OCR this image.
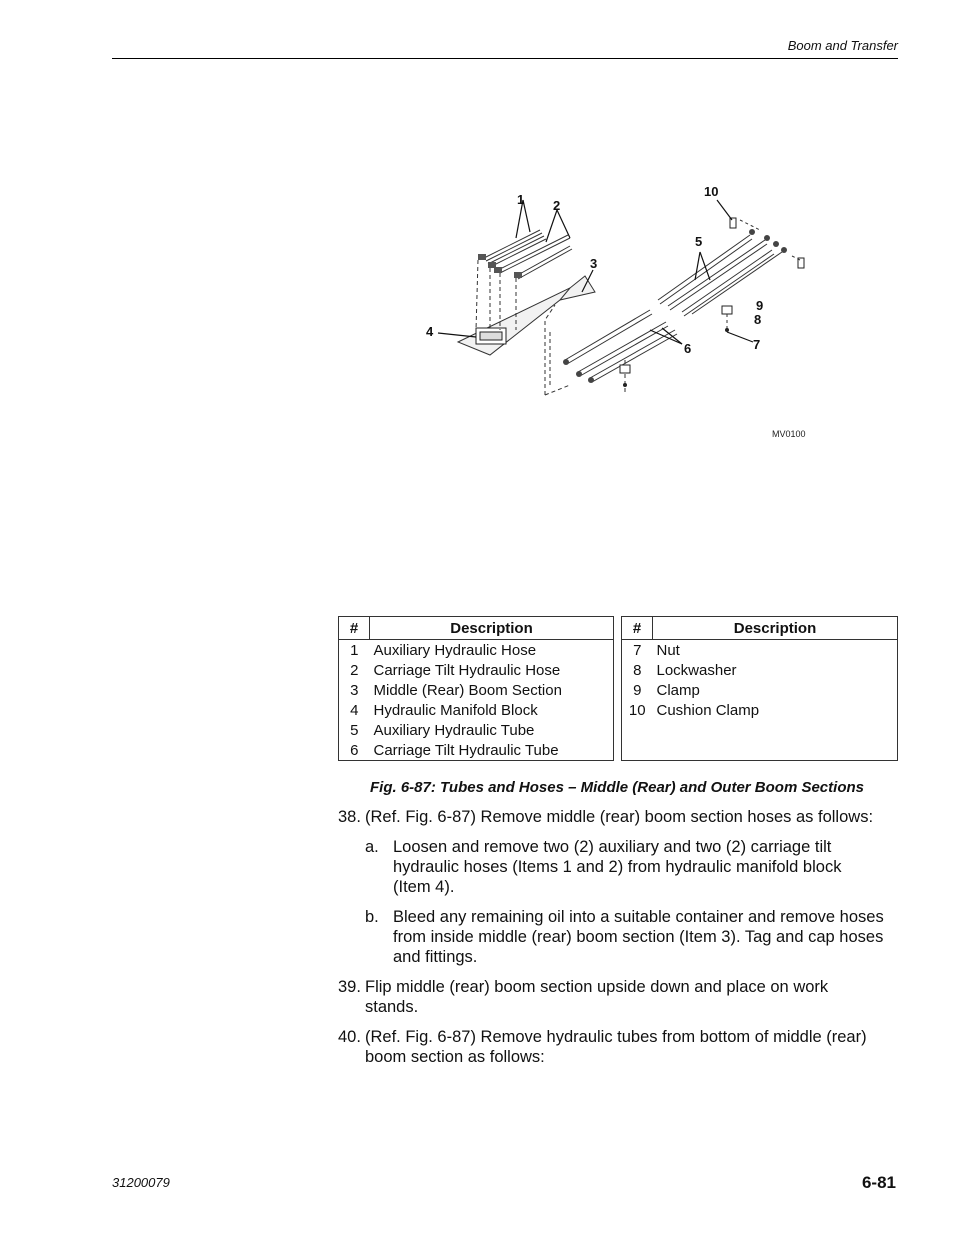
Boom and Transfer
1 2
3
4
5
6	7
8
9
10
MV0100
#	Description
1	Auxiliary Hydraulic Hose
2	Carriage Tilt Hydraulic Hose
3	Middle (Rear) Boom Section
4	Hydraulic Manifold Block
5	Auxiliary Hydraulic Tube
6	Carriage Tilt Hydraulic Tube
#	Description
7	Nut
8	Lockwasher
9	Clamp
10	Cushion Clamp
Fig. 6-87: Tubes and Hoses – Middle (Rear) and Outer Boom Sections
38. (Ref. Fig. 6-87) Remove middle (rear) boom section hoses as follows:
a. Loosen and remove two (2) auxiliary and two (2) carriage tilt
hydraulic hoses (Items 1 and 2) from hydraulic manifold block
(Item 4).
b. Bleed any remaining oil into a suitable container and remove hoses
from inside middle (rear) boom section (Item 3). Tag and cap hoses
and fittings.
39. Flip middle (rear) boom section upside down and place on work
stands.
40. (Ref. Fig. 6-87) Remove hydraulic tubes from bottom of middle (rear)
boom section as follows:
31200079	6-81
